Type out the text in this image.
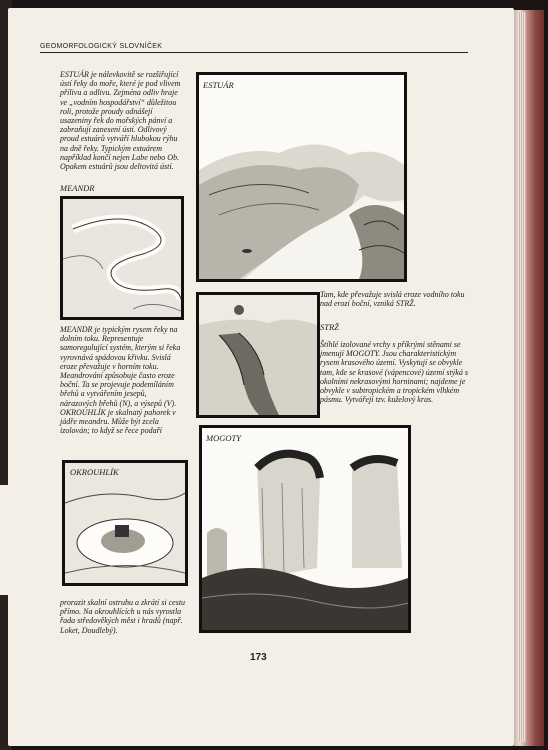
GEOMORFOLOGICKÝ SLOVNÍČEK
ESTUÁR je nálevkovitě se rozšiřující ústí řeky do moře, které je pod vlivem přílivu a odlivu. Zejména odliv hraje ve „vodním hospodářství“ důležitou roli, protože proudy odnášejí usazeniny řek do mořských pánví a zabraňují zanesení ústí. Odlivový proud estuárů vytváří hlubokou rýhu na dně řeky. Typickým estuárem například končí nejen Labe nebo Ob. Opakem estuárů jsou deltovitá ústí.
ESTUÁR
MEANDR
MEANDR je typickým rysem řeky na dolním toku. Representuje samoregulující systém, kterým si řeka vyrovnává spádovou křivku. Svislá eroze převažuje v horním toku. Meandrování způsobuje často eroze boční. Ta se projevuje podemíláním břehů a vytvářením jesepů, nárazových břehů (N), a výsepů (V). OKROUHLÍK je skalnatý pahorek v jádře meandru. Může být zcela izolován; to když se řece podaří
Tam, kde převažuje svislá eroze vodního toku nad erozí boční, vzniká STRŽ.
STRŽ
Štíhlé izolované vrchy s příkrými stěnami se jmenují MOGOTY. Jsou charakteristickým rysem krasového území. Vyskytují se obvykle tam, kde se krasové (vápencové) území stýká s okolními nekrasovými horninami; najdeme je obvykle v subtropickém a tropickém vlhkém pásmu. Vytvářejí tzv. kuželový kras.
MOGOTY
OKROUHLÍK
prorazit skalní ostruhu a zkrátí si cestu přímo. Na okrouhlících u nás vyrostla řada středověkých měst i hradů (např. Loket, Doudlebý).
173
